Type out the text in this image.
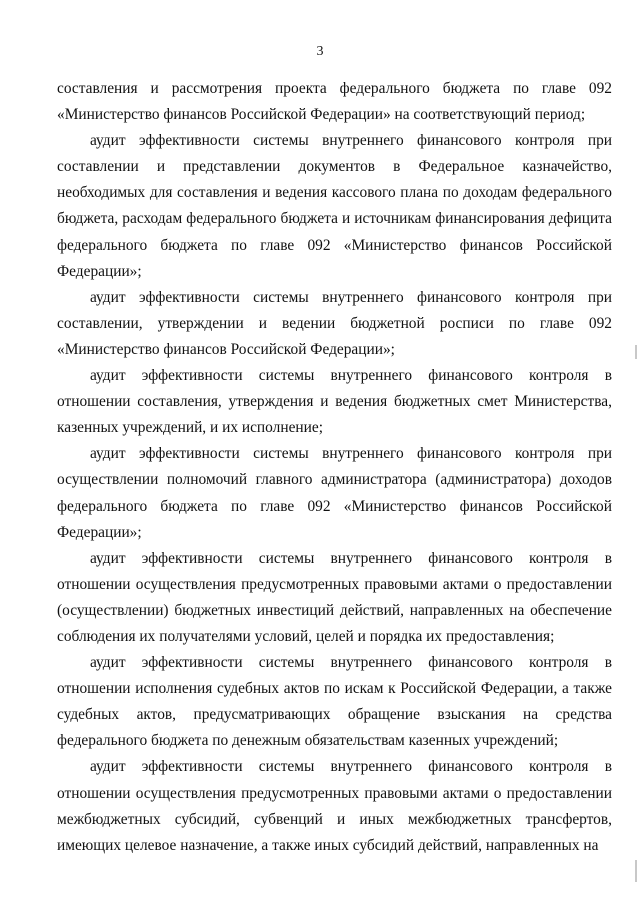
3

составления и рассмотрения проекта федерального бюджета по главе 092 «Министерство финансов Российской Федерации» на соответствующий период;

аудит эффективности системы внутреннего финансового контроля при составлении и представлении документов в Федеральное казначейство, необходимых для составления и ведения кассового плана по доходам федерального бюджета, расходам федерального бюджета и источникам финансирования дефицита федерального бюджета по главе 092 «Министерство финансов Российской Федерации»;

аудит эффективности системы внутреннего финансового контроля при составлении, утверждении и ведении бюджетной росписи по главе 092 «Министерство финансов Российской Федерации»;

аудит эффективности системы внутреннего финансового контроля в отношении составления, утверждения и ведения бюджетных смет Министерства, казенных учреждений, и их исполнение;

аудит эффективности системы внутреннего финансового контроля при осуществлении полномочий главного администратора (администратора) доходов федерального бюджета по главе 092 «Министерство финансов Российской Федерации»;

аудит эффективности системы внутреннего финансового контроля в отношении осуществления предусмотренных правовыми актами о предоставлении (осуществлении) бюджетных инвестиций действий, направленных на обеспечение соблюдения их получателями условий, целей и порядка их предоставления;

аудит эффективности системы внутреннего финансового контроля в отношении исполнения судебных актов по искам к Российской Федерации, а также судебных актов, предусматривающих обращение взыскания на средства федерального бюджета по денежным обязательствам казенных учреждений;

аудит эффективности системы внутреннего финансового контроля в отношении осуществления предусмотренных правовыми актами о предоставлении межбюджетных субсидий, субвенций и иных межбюджетных трансфертов, имеющих целевое назначение, а также иных субсидий действий, направленных на
